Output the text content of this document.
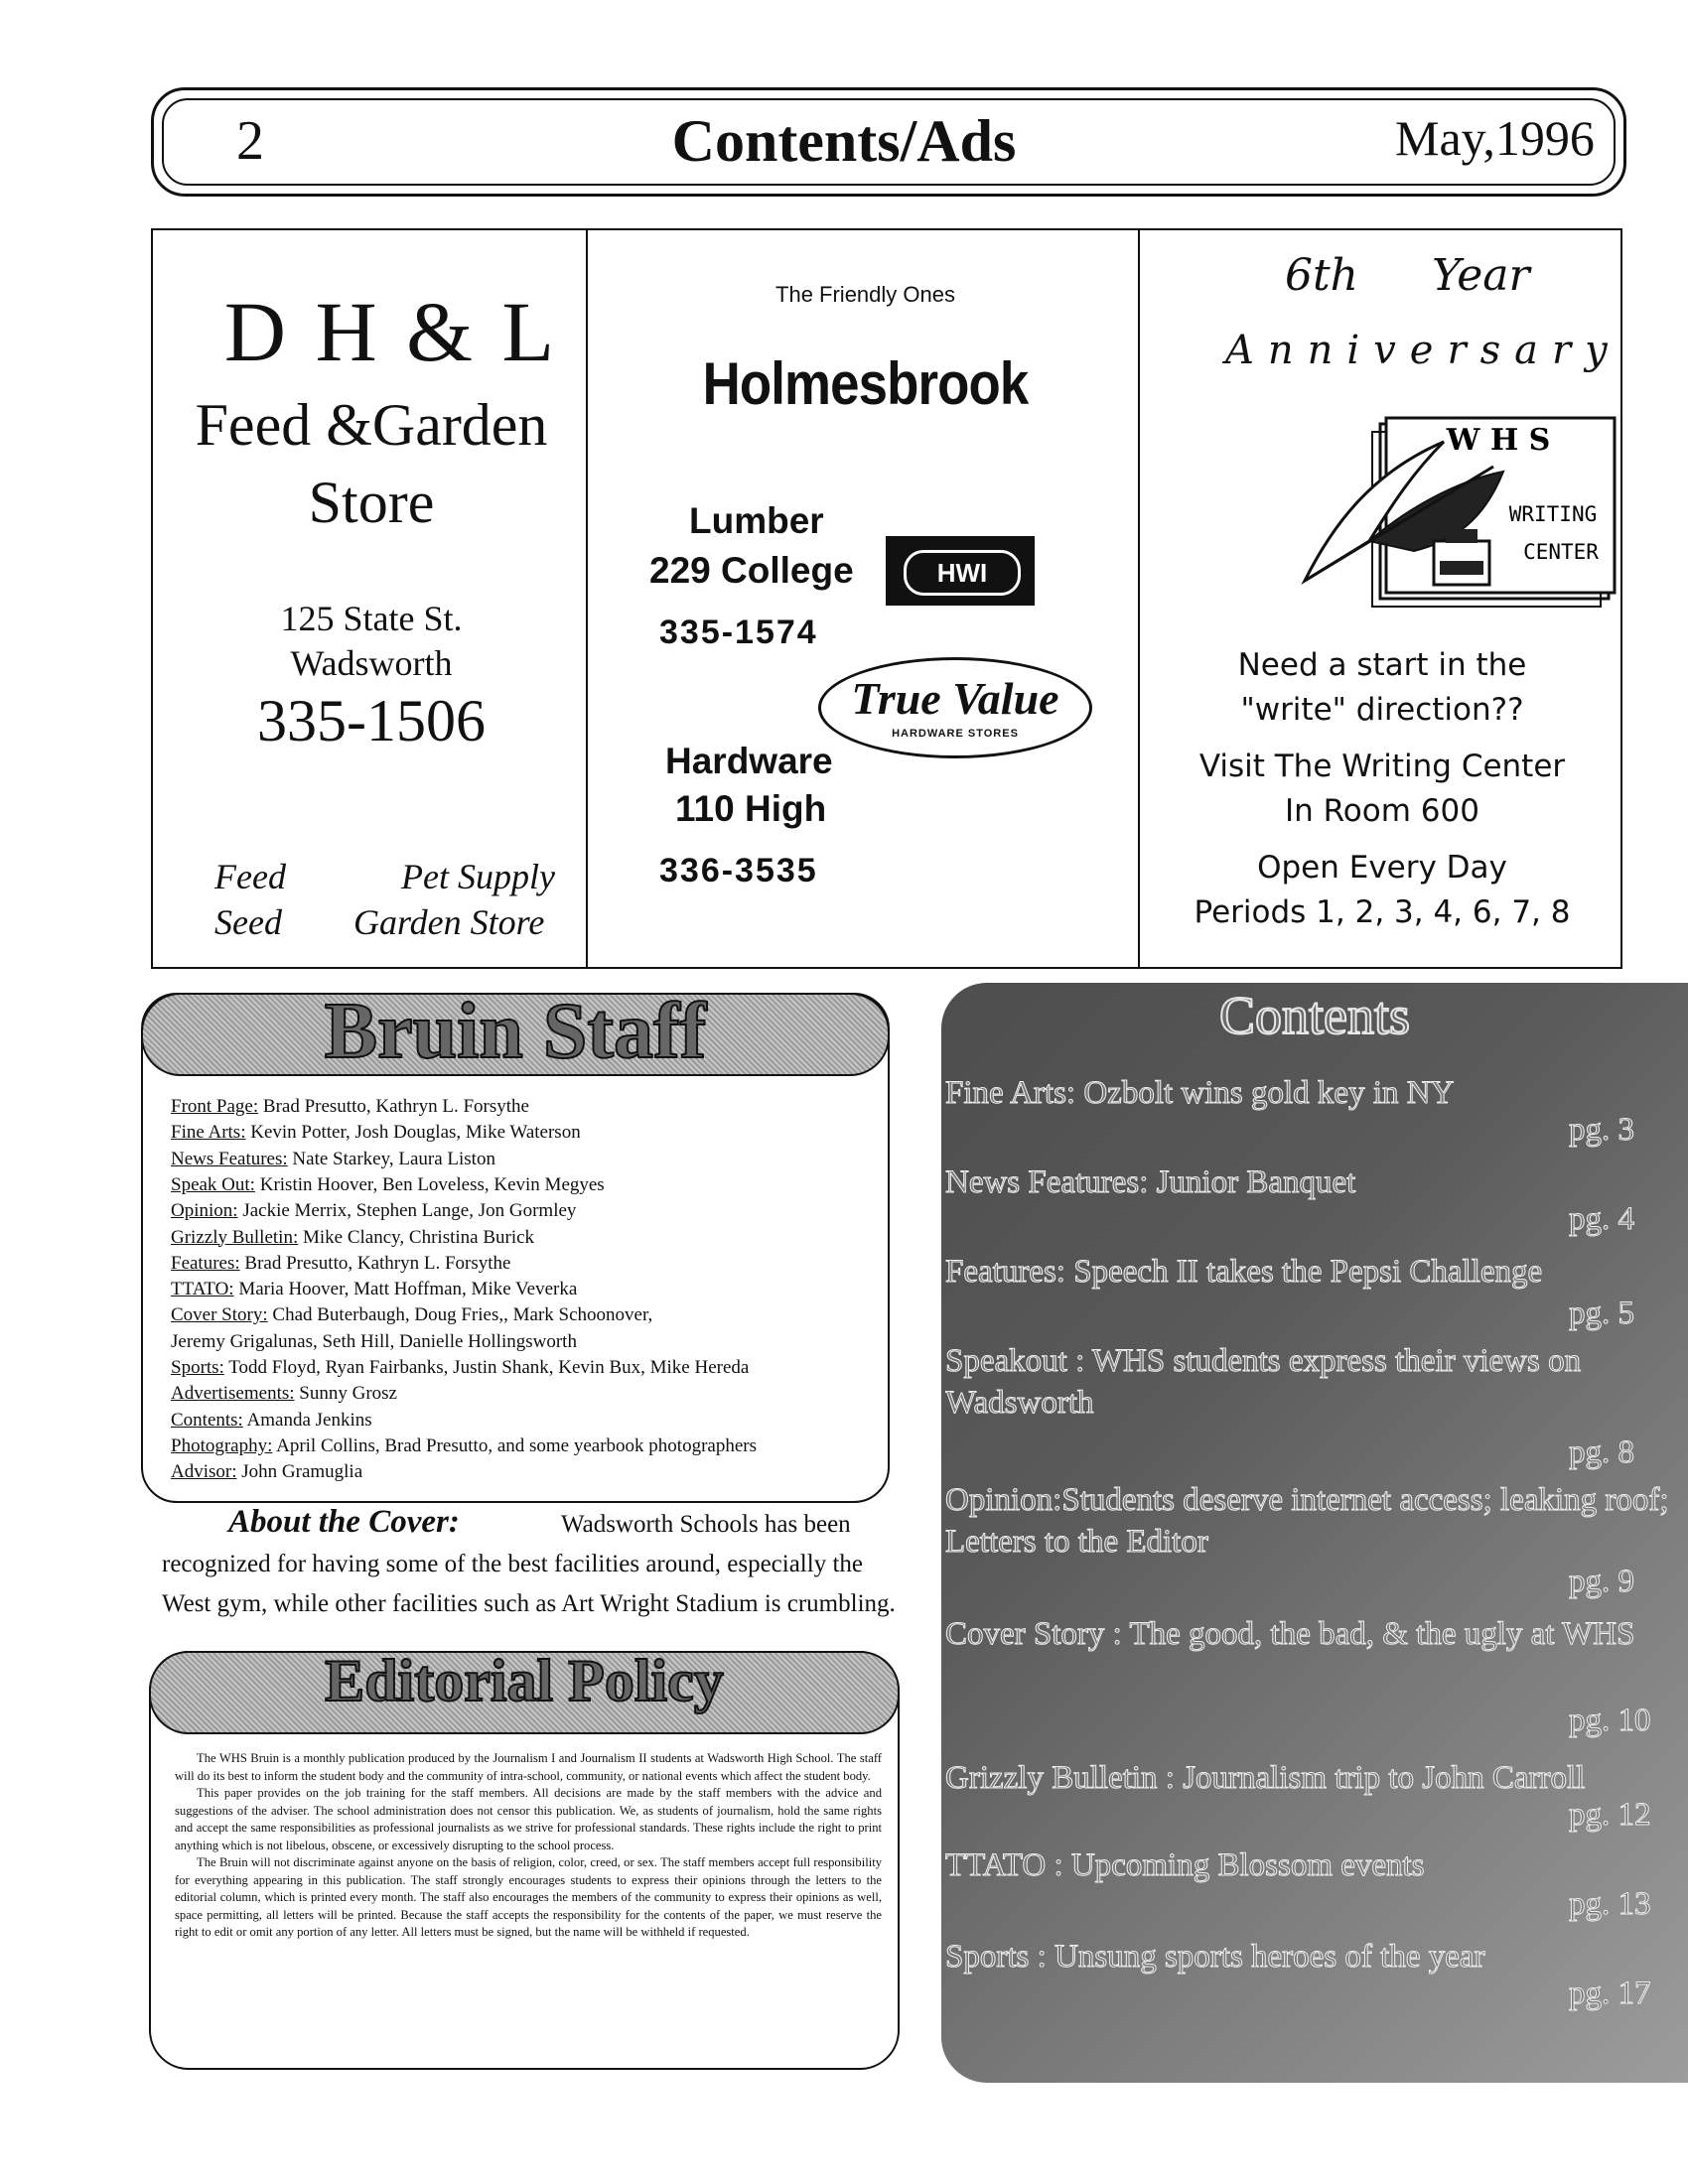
2	Contents/Ads	May,1996
D H & L
Feed &Garden
Store
125 State St.
Wadsworth
335-1506
Feed	Pet Supply
Seed Garden Store
The Friendly Ones
Holmesbrook
Lumber
229 College
335-1574
HWI
True Value
HARDWARE STORES
Hardware
110 High
336-3535
6th Year
Anniversary
W H S
WRITING
CENTER
Need a start in the
"write" direction??
Visit The Writing Center
In Room 600
Open Every Day
Periods 1, 2, 3, 4, 6, 7, 8
Bruin Staff
Front Page: Brad Presutto, Kathryn L. Forsythe
Fine Arts: Kevin Potter, Josh Douglas, Mike Waterson
News Features: Nate Starkey, Laura Liston
Speak Out: Kristin Hoover, Ben Loveless, Kevin Megyes
Opinion: Jackie Merrix, Stephen Lange, Jon Gormley
Grizzly Bulletin: Mike Clancy, Christina Burick
Features: Brad Presutto, Kathryn L. Forsythe
TTATO: Maria Hoover, Matt Hoffman, Mike Veverka
Cover Story: Chad Buterbaugh, Doug Fries,, Mark Schoonover,
Jeremy Grigalunas, Seth Hill, Danielle Hollingsworth
Sports: Todd Floyd, Ryan Fairbanks, Justin Shank, Kevin Bux, Mike Hereda
Advertisements: Sunny Grosz
Contents: Amanda Jenkins
Photography: April Collins, Brad Presutto, and some yearbook photographers
Advisor: John Gramuglia
About the Cover:	Wadsworth Schools has been recognized for having some of the best facilities around, especially the West gym, while other facilities such as Art Wright Stadium is crumbling.
Editorial Policy

The WHS Bruin is a monthly publication produced by the Journalism I and Journalism II students at Wadsworth High School. The staff will do its best to inform the student body and the community of intra-school, community, or national events which affect the student body.

This paper provides on the job training for the staff members. All decisions are made by the staff members with the advice and suggestions of the adviser. The school administration does not censor this publication. We, as students of journalism, hold the same rights and accept the same responsibilities as professional journalists as we strive for professional standards. These rights include the right to print anything which is not libelous, obscene, or excessively disrupting to the school process.

The Bruin will not discriminate against anyone on the basis of religion, color, creed, or sex. The staff members accept full responsibility for everything appearing in this publication. The staff strongly encourages students to express their opinions through the letters to the editorial column, which is printed every month. The staff also encourages the members of the community to express their opinions as well, space permitting, all letters will be printed. Because the staff accepts the responsibility for the contents of the paper, we must reserve the right to edit or omit any portion of any letter. All letters must be signed, but the name will be withheld if requested.

Contents
Fine Arts: Ozbolt wins gold key in NY
pg. 3
News Features: Junior Banquet
pg. 4
Features: Speech II takes the Pepsi Challenge
pg. 5
Speakout : WHS students express their views on Wadsworth
pg. 8
Opinion:Students deserve internet access; leaking roof; Letters to the Editor
pg. 9
Cover Story : The good, the bad, & the ugly at WHS
pg. 10
Grizzly Bulletin : Journalism trip to John Carroll
pg. 12
TTATO : Upcoming Blossom events
pg. 13
Sports : Unsung sports heroes of the year
pg. 17
